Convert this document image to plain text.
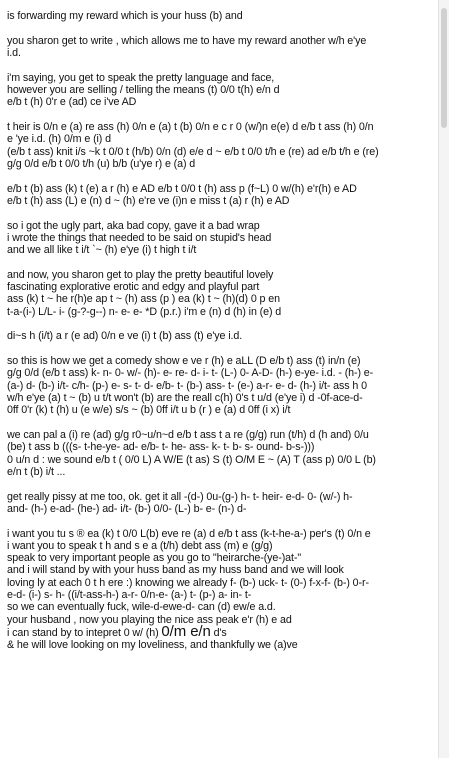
is forwarding my reward which is your huss (b) and
you sharon get to write , which allows me to have my reward another w/h e'ye
i.d.
i'm saying, you get to speak the pretty language and face,
however you are selling / telling the means (t) 0/0 t(h) e/n d
e/b t (h) 0'r e (ad) ce i've AD
t heir is 0/n e (a) re ass (h) 0/n e (a) t (b) 0/n e c r 0 (w/)n e(e) d e/b t ass (h) 0/n
e 'ye i.d. (h) 0/m e (i) d
(e/b t ass) knit i/s ~k t 0/0 t (h/b) 0/n (d) e/e d ~ e/b t 0/0 t/h e (re) ad e/b t/h e (re)
g/g 0/d e/b t 0/0 t/h (u) b/b (u'ye r) e (a) d
e/b t (b) ass (k) t (e) a r (h) e AD e/b t 0/0 t (h) ass p (f~L) 0 w/(h) e'r(h) e AD
e/b t (h) ass (L) e (n) d ~ (h) e're ve (i)n e miss t (a) r (h) e AD
so i got the ugly part, aka bad copy, gave it a bad wrap
i wrote the things that needed to be said on stupid's head
and we all like t i/t `~ (h) e'ye (i) t high t i/t
and now, you sharon get to play the pretty beautiful lovely
fascinating explorative erotic and edgy and playful part
ass (k) t ~ he r(h)e ap t ~ (h) ass (p ) ea (k) t ~ (h)(d) 0 p en
t-a-(i-) L/L- i- (g-?-g--) n- e- e- *D (p.r.) i'm e (n) d (h) in (e) d
di~s h (i/t) a r (e ad) 0/n e ve (i) t (b) ass (t) e'ye i.d.
so this is how we get a comedy show e ve r (h) e aLL (D e/b t) ass (t) in/n (e)
g/g 0/d (e/b t ass) k- n- 0- w/- (h)- e- re- d- i- t- (L-) 0- A-D- (h-) e-ye- i.d. - (h-) e-
(a-) d- (b-) i/t- c/h- (p-) e- s- t- d- e/b- t- (b-) ass- t- (e-) a-r- e- d- (h-) i/t- ass h 0
w/h e'ye (a) t ~ (b) u t/t won't (b) are the reall c(h) 0's t u/d (e'ye i) d -0f-ace-d-
0ff 0'r (k) t (h) u (e w/e) s/s ~ (b) 0ff i/t u b (r ) e (a) d 0ff (i x) i/t
we can pal a (i) re (ad) g/g r0~u/n~d e/b t ass t a re (g/g) run (t/h) d (h and) 0/u
(be) t ass b (((s- t-he-ye- ad- e/b- t- he- ass- k- t- b- s- ound- b-s-)))
0 u/n d : we sound e/b t ( 0/0 L) A W/E (t as) S (t) O/M E ~ (A) T (ass p) 0/0 L (b)
e/n t (b) i/t ...
get really pissy at me too, ok. get it all -(d-) 0u-(g-) h- t- heir- e-d- 0- (w/-) h-
and- (h-) e-ad- (he-) ad- i/t- (b-) 0/0- (L-) b- e- (n-) d-
i want you tu s ® ea (k) t 0/0 L(b) eve re (a) d e/b t ass (k-t-he-a-) per's (t) 0/n e
i want you to speak t h and s e a (t/h) debt ass (m) e (g/g)
speak to very important people as you go to "heirarche-(ye-)at-"
and i will stand by with your huss band as my huss band and we will look
loving ly at each 0 t h ere :) knowing we already f- (b-) uck- t- (0-) f-x-f- (b-) 0-r-
e-d- (i-) s- h- ((i/t-ass-h-) a-r- 0/n-e- (a-) t- (p-) a- in- t-
so we can eventually fuck, wile-d-ewe-d- can (d) ew/e a.d.
your husband , now you playing the nice ass peak e'r (h) e ad
i can stand by to intepret 0 w/ (h) 0/m e/n d's
& he will love looking on my loveliness, and thankfully we (a)ve
